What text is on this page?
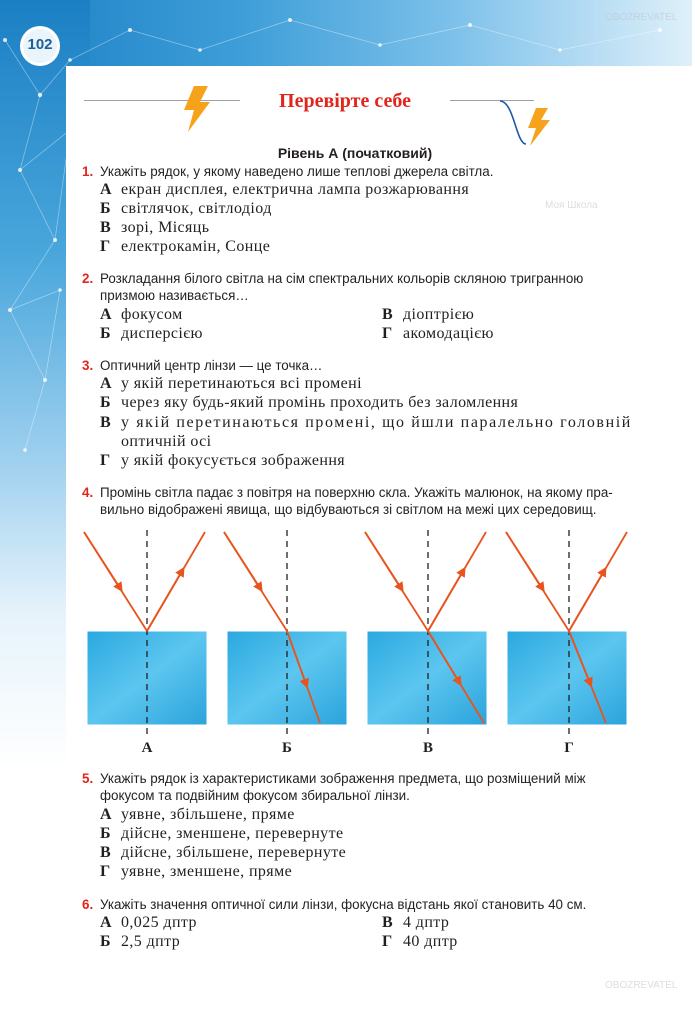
102
Перевірте себе
Рівень А (початковий)
1. Укажіть рядок, у якому наведено лише теплові джерела світла.
А екран дисплея, електрична лампа розжарювання
Б світлячок, світлодіод
В зорі, Місяць
Г електрокамін, Сонце
2. Розкладання білого світла на сім спектральних кольорів скляною тригранною
призмою називається…
А фокусом	В діоптрією
Б дисперсією	Г акомодацією
3. Оптичний центр лінзи — це точка…
А у якій перетинаються всі промені
Б через яку будь-який промінь проходить без заломлення
В у якій перетинаються промені, що йшли паралельно головній
оптичній осі
Г у якій фокусується зображення
4. Промінь світла падає з повітря на поверхню скла. Укажіть малюнок, на якому пра-
вильно відображені явища, що відбуваються зі світлом на межі цих середовищ.
А	Б	В	Г
5. Укажіть рядок із характеристиками зображення предмета, що розміщений між
фокусом та подвійним фокусом збиральної лінзи.
А уявне, збільшене, пряме
Б дійсне, зменшене, перевернуте
В дійсне, збільшене, перевернуте
Г уявне, зменшене, пряме
6. Укажіть значення оптичної сили лінзи, фокусна відстань якої становить 40 см.
А 0,025 дптр	В 4 дптр
Б 2,5 дптр	Г 40 дптр
OBOZREVATEL
Моя Школа
OBOZREVATEL
